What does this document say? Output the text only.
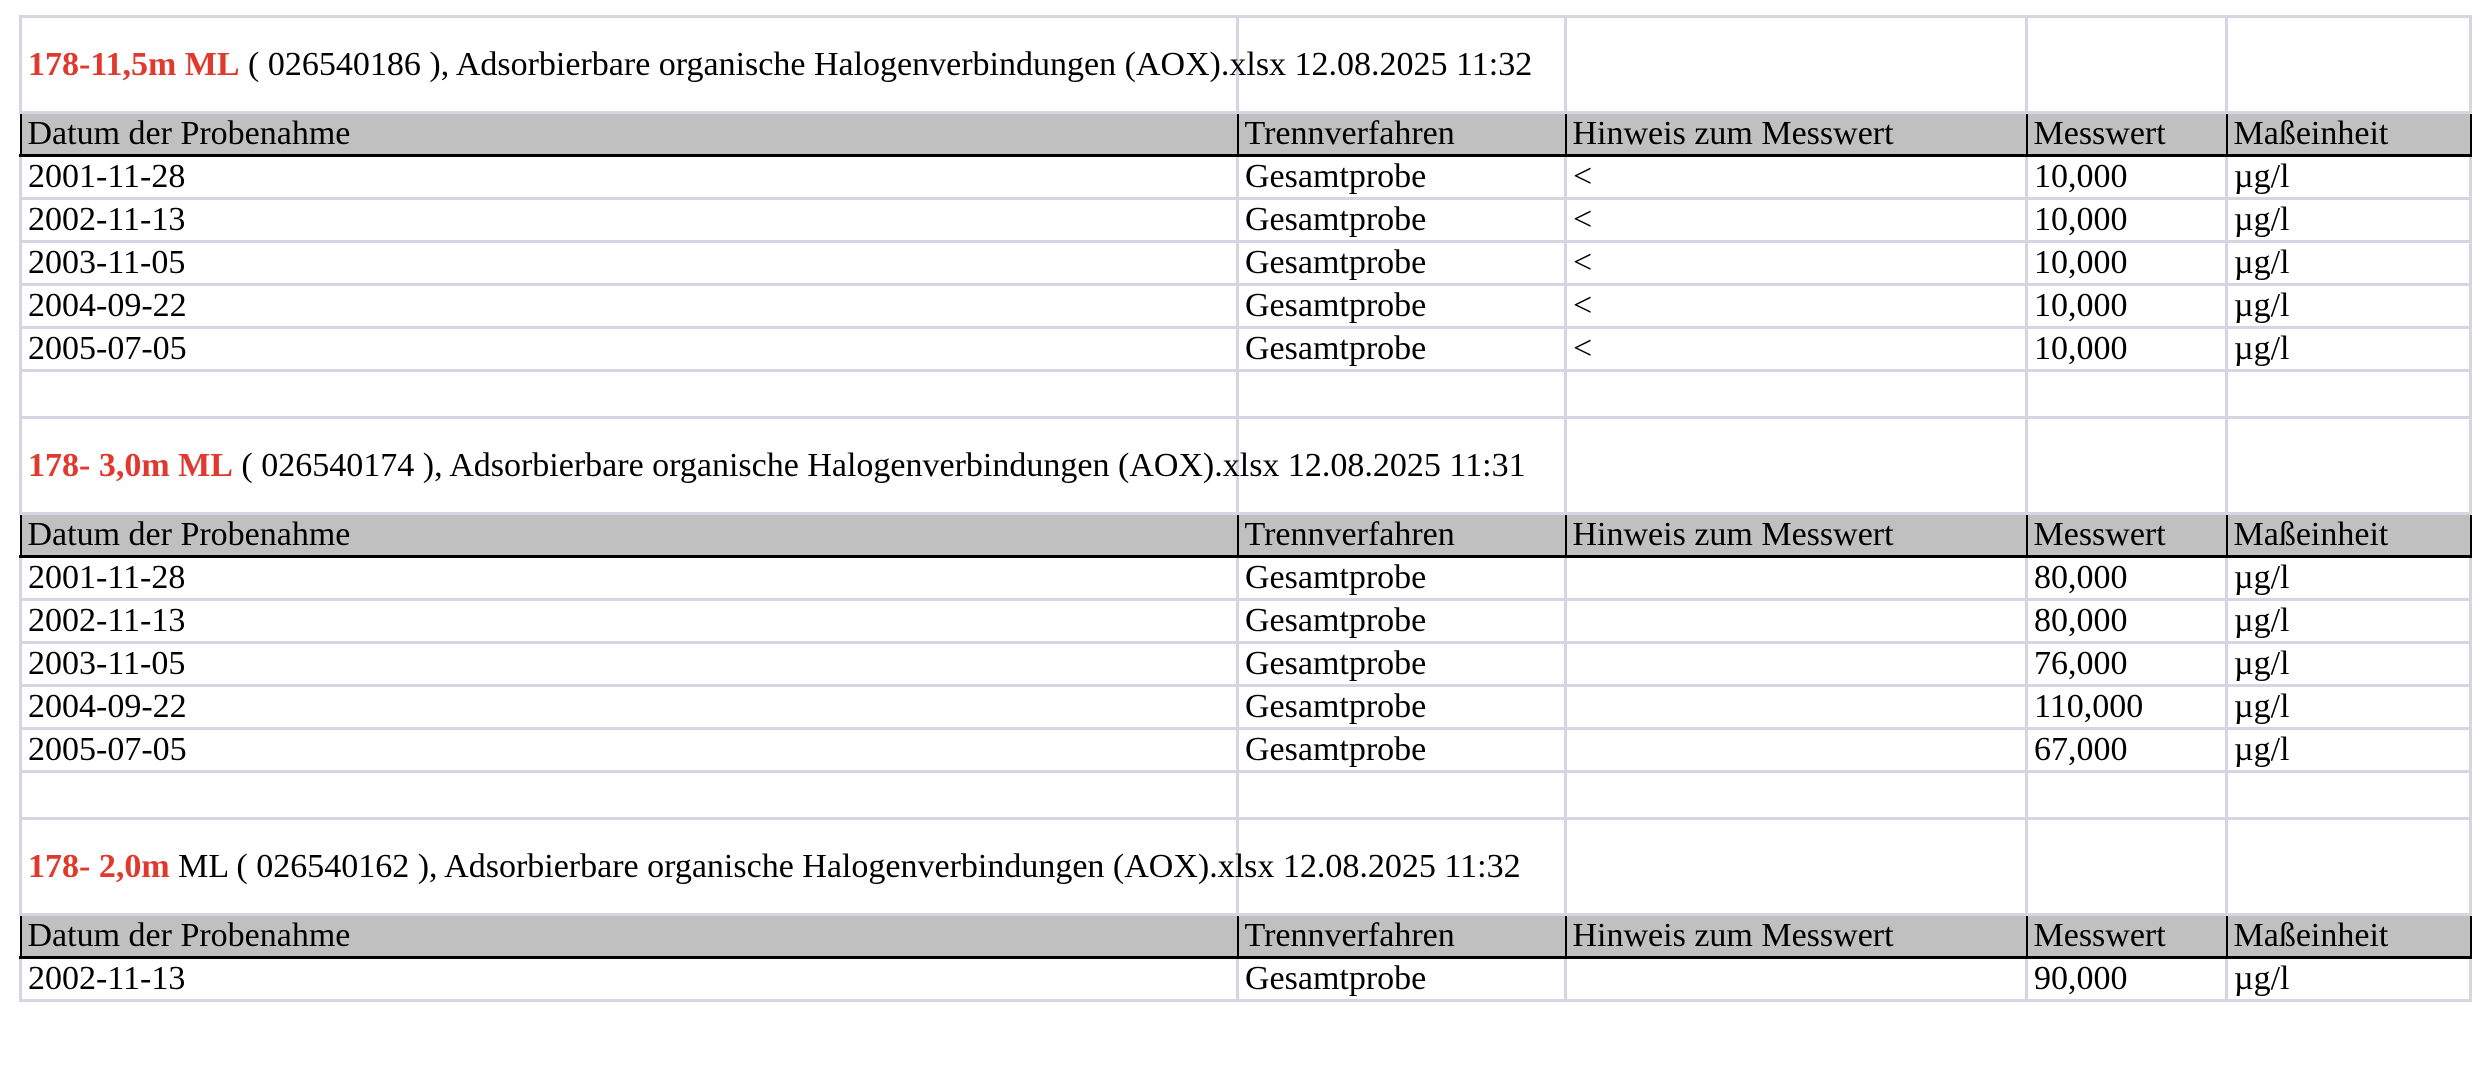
178-11,5m ML ( 026540186 ), Adsorbierbare organische Halogenverbindungen (AOX).xlsx 12.08.2025 11:32				
Datum der Probenahme	Trennverfahren	Hinweis zum Messwert	Messwert	Maßeinheit
2001-11-28	Gesamtprobe	<	10,000	µg/l
2002-11-13	Gesamtprobe	<	10,000	µg/l
2003-11-05	Gesamtprobe	<	10,000	µg/l
2004-09-22	Gesamtprobe	<	10,000	µg/l
2005-07-05	Gesamtprobe	<	10,000	µg/l

178- 3,0m ML ( 026540174 ), Adsorbierbare organische Halogenverbindungen (AOX).xlsx 12.08.2025 11:31				
Datum der Probenahme	Trennverfahren	Hinweis zum Messwert	Messwert	Maßeinheit
2001-11-28	Gesamtprobe		80,000	µg/l
2002-11-13	Gesamtprobe		80,000	µg/l
2003-11-05	Gesamtprobe		76,000	µg/l
2004-09-22	Gesamtprobe		110,000	µg/l
2005-07-05	Gesamtprobe		67,000	µg/l

178- 2,0m ML ( 026540162 ), Adsorbierbare organische Halogenverbindungen (AOX).xlsx 12.08.2025 11:32				
Datum der Probenahme	Trennverfahren	Hinweis zum Messwert	Messwert	Maßeinheit
2002-11-13	Gesamtprobe		90,000	µg/l
